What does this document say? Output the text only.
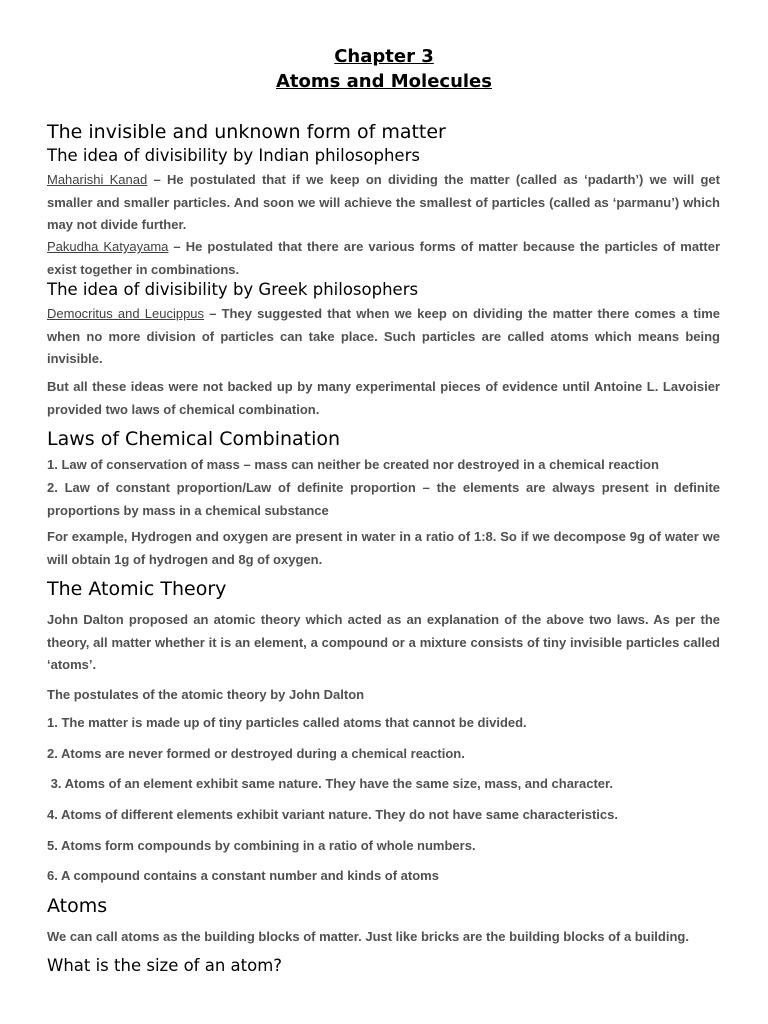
Chapter 3
Atoms and Molecules
The invisible and unknown form of matter
The idea of divisibility by Indian philosophers

Maharishi Kanad – He postulated that if we keep on dividing the matter (called as ‘padarth’) we will get smaller and smaller particles. And soon we will achieve the smallest of particles (called as ‘parmanu’) which may not divide further.

Pakudha Katyayama – He postulated that there are various forms of matter because the particles of matter exist together in combinations.

The idea of divisibility by Greek philosophers

Democritus and Leucippus – They suggested that when we keep on dividing the matter there comes a time when no more division of particles can take place. Such particles are called atoms which means being invisible.

But all these ideas were not backed up by many experimental pieces of evidence until Antoine L. Lavoisier provided two laws of chemical combination.

Laws of Chemical Combination

1. Law of conservation of mass – mass can neither be created nor destroyed in a chemical reaction

2. Law of constant proportion/Law of definite proportion – the elements are always present in definite proportions by mass in a chemical substance

For example, Hydrogen and oxygen are present in water in a ratio of 1:8. So if we decompose 9g of water we will obtain 1g of hydrogen and 8g of oxygen.

The Atomic Theory

John Dalton proposed an atomic theory which acted as an explanation of the above two laws. As per the theory, all matter whether it is an element, a compound or a mixture consists of tiny invisible particles called ‘atoms’.

The postulates of the atomic theory by John Dalton

1. The matter is made up of tiny particles called atoms that cannot be divided.

2. Atoms are never formed or destroyed during a chemical reaction.

3. Atoms of an element exhibit same nature. They have the same size, mass, and character.

4. Atoms of different elements exhibit variant nature. They do not have same characteristics.

5. Atoms form compounds by combining in a ratio of whole numbers.

6. A compound contains a constant number and kinds of atoms

Atoms

We can call atoms as the building blocks of matter. Just like bricks are the building blocks of a building.

What is the size of an atom?
